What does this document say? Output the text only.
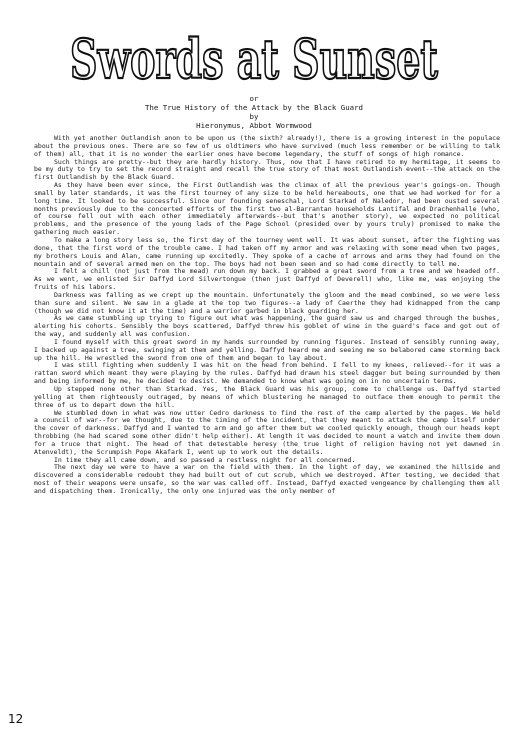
Swords at Sunset
or
The True History of the Attack by the Black Guard
by
Hieronymus, Abbot Wormwood

With yet another Outlandish anon to be upon us (the sixth? already!), there is a growing interest in the populace about the previous ones. There are so few of us oldtimers who have survived (much less remember or be willing to talk of them) all, that it is no wonder the earlier ones have become legendary, the stuff of songs of high romance.

Such things are pretty--but they are hardly history. Thus, now that I have retired to my hermitage, it seems to be my duty to try to set the record straight and recall the true story of that most Outlandish event--the attack on the first Outlandish by the Black Guard.

As they have been ever since, the First Outlandish was the climax of all the previous year's goings-on. Though small by later standards, it was the first tourney of any size to be held hereabouts, one that we had worked for for a long time. It looked to be successful. Since our founding seneschal, Lord Starkad of Naledor, had been ousted several months previously due to the concerted efforts of the first two al-Barrantan households Lantifal and Drachenhalle (who, of course fell out with each other immediately afterwards--but that's another story), we expected no political problems, and the presence of the young lads of the Page School (presided over by yours truly) promised to make the gathering much easier.

To make a long story less so, the first day of the tourney went well. It was about sunset, after the fighting was done, that the first word of the trouble came. I had taken off my armor and was relaxing with some mead when two pages, my brothers Louis and Alan, came running up excitedly. They spoke of a cache of arrows and arms they had found on the mountain and of several armed men on the top. The boys had not been seen and so had come directly to tell me.

I felt a chill (not just from the mead) run down my back. I grabbed a great sword from a tree and we headed off. As we went, we enlisted Sir Daffyd Lord Silvertongue (then just Daffyd of Deverell) who, like me, was enjoying the fruits of his labors.

Darkness was falling as we crept up the mountain. Unfortunately the gloom and the mead combined, so we were less than sure and silent. We saw in a glade at the top two figures--a lady of Caerthe they had kidnapped from the camp (though we did not know it at the time) and a warrior garbed in black guarding her.

As we came stumbling up trying to figure out what was happening, the guard saw us and charged through the bushes, alerting his cohorts. Sensibly the boys scattered, Daffyd threw his goblet of wine in the guard's face and got out of the way, and suddenly all was confusion.

I found myself with this great sword in my hands surrounded by running figures. Instead of sensibly running away, I backed up against a tree, swinging at them and yelling. Daffyd heard me and seeing me so belabored came storming back up the hill. He wrestled the sword from one of them and began to lay about.

I was still fighting when suddenly I was hit on the head from behind. I fell to my knees, relieved--for it was a rattan sword which meant they were playing by the rules. Daffyd had drawn his steel dagger but being surrounded by them and being informed by me, he decided to desist. We demanded to know what was going on in no uncertain terms.

Up stepped none other than Starkad. Yes, the Black Guard was his group, come to challenge us. Daffyd started yelling at them righteously outraged, by means of which blustering he managed to outface them enough to permit the three of us to depart down the hill.

We stumbled down in what was now utter Cedro darkness to find the rest of the camp alerted by the pages. We held a council of war--for we thought, due to the timing of the incident, that they meant to attack the camp itself under the cover of darkness. Daffyd and I wanted to arm and go after them but we cooled quickly enough, though our heads kept throbbing (he had scared some other didn't help either). At length it was decided to mount a watch and invite them down for a truce that night. The head of that detestable heresy (the true light of religion having not yet dawned in Atenveldt), the Scrumpish Pope Akafark I, went up to work out the details.

In time they all came down, and so passed a restless night for all concerned.

The next day we were to have a war on the field with them. In the light of day, we examined the hillside and discovered a considerable redoubt they had built out of cut scrub, which we destroyed. After testing, we decided that most of their weapons were unsafe, so the war was called off. Instead, Daffyd exacted vengeance by challenging them all and dispatching them. Ironically, the only one injured was the only member of

12
